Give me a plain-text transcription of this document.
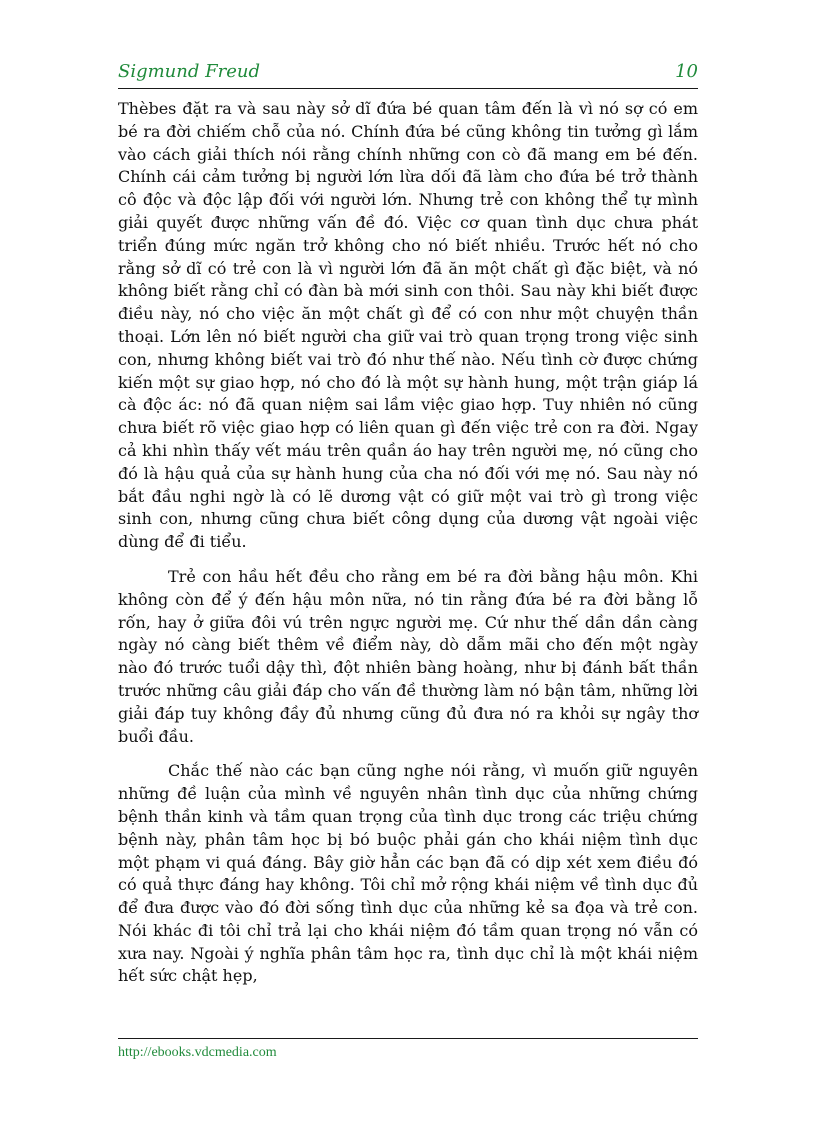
Sigmund Freud	10

Thèbes đặt ra và sau này sở dĩ đứa bé quan tâm đến là vì nó sợ có em bé ra đời chiếm chỗ của nó. Chính đứa bé cũng không tin tưởng gì lắm vào cách giải thích nói rằng chính những con cò đã mang em bé đến. Chính cái cảm tưởng bị người lớn lừa dối đã làm cho đứa bé trở thành cô độc và độc lập đối với người lớn. Nhưng trẻ con không thể tự mình giải quyết được những vấn đề đó. Việc cơ quan tình dục chưa phát triển đúng mức ngăn trở không cho nó biết nhiều. Trước hết nó cho rằng sở dĩ có trẻ con là vì người lớn đã ăn một chất gì đặc biệt, và nó không biết rằng chỉ có đàn bà mới sinh con thôi. Sau này khi biết được điều này, nó cho việc ăn một chất gì để có con như một chuyện thần thoại. Lớn lên nó biết người cha giữ vai trò quan trọng trong việc sinh con, nhưng không biết vai trò đó như thế nào. Nếu tình cờ được chứng kiến một sự giao hợp, nó cho đó là một sự hành hung, một trận giáp lá cà độc ác: nó đã quan niệm sai lầm việc giao hợp. Tuy nhiên nó cũng chưa biết rõ việc giao hợp có liên quan gì đến việc trẻ con ra đời. Ngay cả khi nhìn thấy vết máu trên quần áo hay trên người mẹ, nó cũng cho đó là hậu quả của sự hành hung của cha nó đối với mẹ nó. Sau này nó bắt đầu nghi ngờ là có lẽ dương vật có giữ một vai trò gì trong việc sinh con, nhưng cũng chưa biết công dụng của dương vật ngoài việc dùng để đi tiểu.

Trẻ con hầu hết đều cho rằng em bé ra đời bằng hậu môn. Khi không còn để ý đến hậu môn nữa, nó tin rằng đứa bé ra đời bằng lỗ rốn, hay ở giữa đôi vú trên ngực người mẹ. Cứ như thế dần dần càng ngày nó càng biết thêm về điểm này, dò dẫm mãi cho đến một ngày nào đó trước tuổi dậy thì, đột nhiên bàng hoàng, như bị đánh bất thần trước những câu giải đáp cho vấn đề thường làm nó bận tâm, những lời giải đáp tuy không đầy đủ nhưng cũng đủ đưa nó ra khỏi sự ngây thơ buổi đầu.

Chắc thế nào các bạn cũng nghe nói rằng, vì muốn giữ nguyên những đề luận của mình về nguyên nhân tình dục của những chứng bệnh thần kinh và tầm quan trọng của tình dục trong các triệu chứng bệnh này, phân tâm học bị bó buộc phải gán cho khái niệm tình dục một phạm vi quá đáng. Bây giờ hẳn các bạn đã có dịp xét xem điều đó có quả thực đáng hay không. Tôi chỉ mở rộng khái niệm về tình dục đủ để đưa được vào đó đời sống tình dục của những kẻ sa đọa và trẻ con. Nói khác đi tôi chỉ trả lại cho khái niệm đó tầm quan trọng nó vẫn có xưa nay. Ngoài ý nghĩa phân tâm học ra, tình dục chỉ là một khái niệm hết sức chật hẹp,

http://ebooks.vdcmedia.com
